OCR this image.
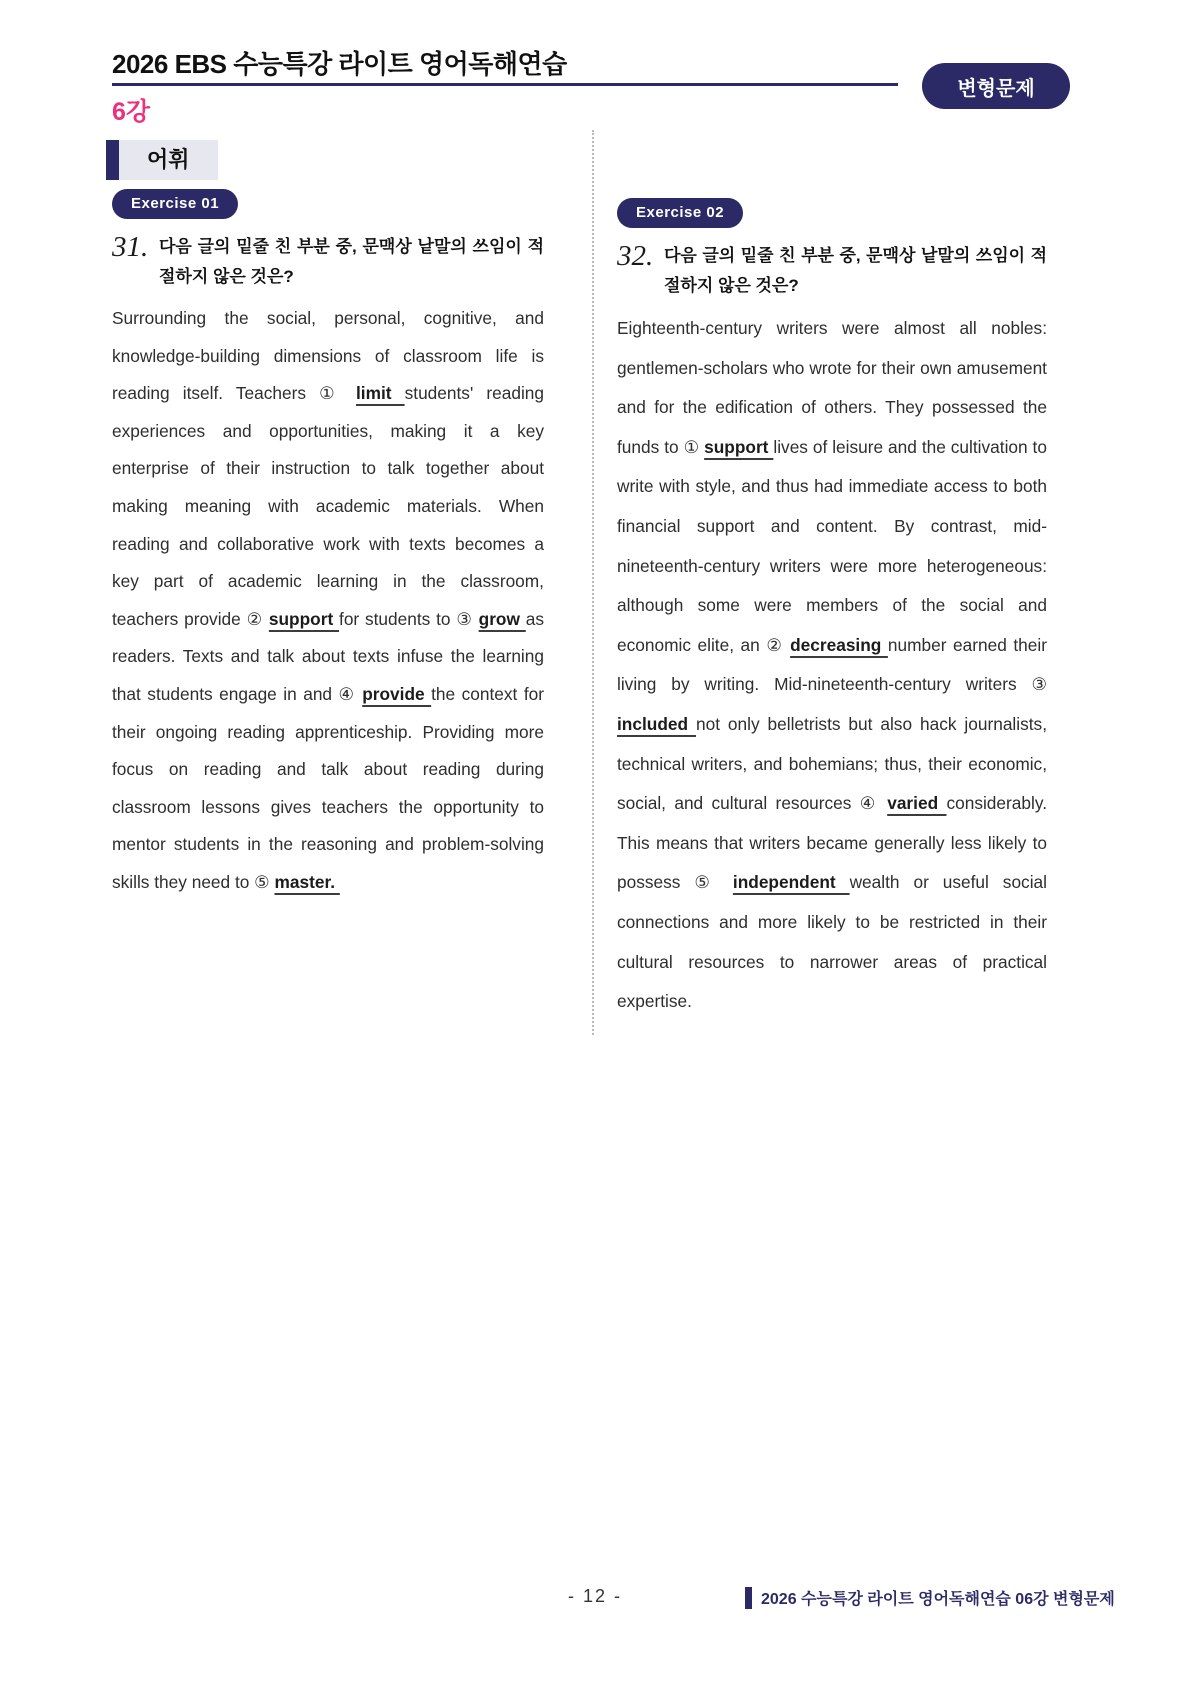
2026 EBS 수능특강 라이트 영어독해연습
변형문제
6강
어휘
Exercise 01
31. 다음 글의 밑줄 친 부분 중, 문맥상 낱말의 쓰임이 적절하지 않은 것은?
Surrounding the social, personal, cognitive, and knowledge-building dimensions of classroom life is reading itself. Teachers ① limit students' reading experiences and opportunities, making it a key enterprise of their instruction to talk together about making meaning with academic materials. When reading and collaborative work with texts becomes a key part of academic learning in the classroom, teachers provide ② support for students to ③ grow as readers. Texts and talk about texts infuse the learning that students engage in and ④ provide the context for their ongoing reading apprenticeship. Providing more focus on reading and talk about reading during classroom lessons gives teachers the opportunity to mentor students in the reasoning and problem-solving skills they need to ⑤ master.
Exercise 02
32. 다음 글의 밑줄 친 부분 중, 문맥상 낱말의 쓰임이 적절하지 않은 것은?
Eighteenth-century writers were almost all nobles: gentlemen-scholars who wrote for their own amusement and for the edification of others. They possessed the funds to ① support lives of leisure and the cultivation to write with style, and thus had immediate access to both financial support and content. By contrast, mid-nineteenth-century writers were more heterogeneous: although some were members of the social and economic elite, an ② decreasing number earned their living by writing. Mid-nineteenth-century writers ③ included not only belletrists but also hack journalists, technical writers, and bohemians; thus, their economic, social, and cultural resources ④ varied considerably. This means that writers became generally less likely to possess ⑤ independent wealth or useful social connections and more likely to be restricted in their cultural resources to narrower areas of practical expertise.
- 12 -	2026 수능특강 라이트 영어독해연습 06강 변형문제
